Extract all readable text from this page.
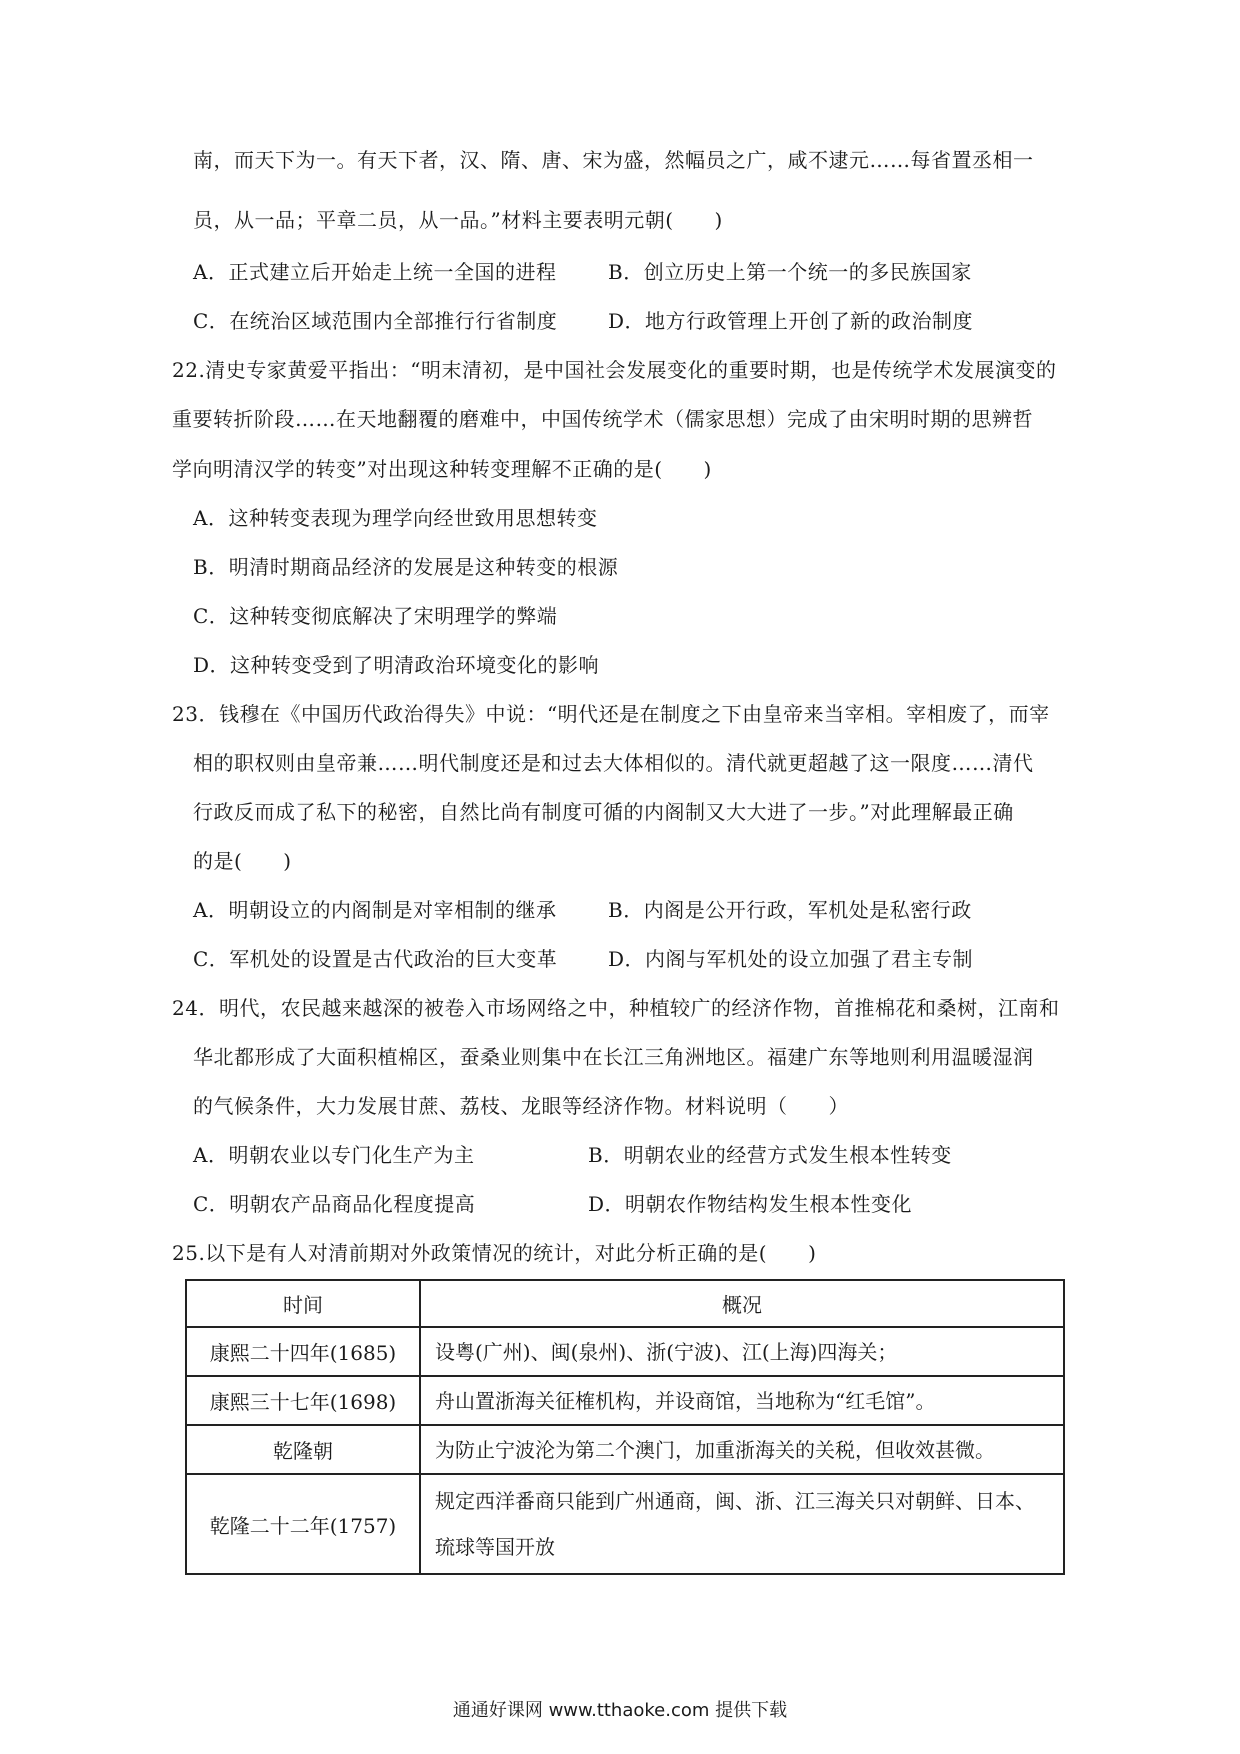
南，而天下为一。有天下者，汉、隋、唐、宋为盛，然幅员之广，咸不逮元……每省置丞相一
员，从一品；平章二员，从一品。”材料主要表明元朝(　　)
A．正式建立后开始走上统一全国的进程	B．创立历史上第一个统一的多民族国家
C．在统治区域范围内全部推行行省制度	D．地方行政管理上开创了新的政治制度
22.清史专家黄爱平指出：“明末清初，是中国社会发展变化的重要时期，也是传统学术发展演变的
重要转折阶段……在天地翻覆的磨难中，中国传统学术（儒家思想）完成了由宋明时期的思辨哲
学向明清汉学的转变”对出现这种转变理解不正确的是(　　)
A．这种转变表现为理学向经世致用思想转变
B．明清时期商品经济的发展是这种转变的根源
C．这种转变彻底解决了宋明理学的弊端
D．这种转变受到了明清政治环境变化的影响
23．钱穆在《中国历代政治得失》中说：“明代还是在制度之下由皇帝来当宰相。宰相废了，而宰
相的职权则由皇帝兼……明代制度还是和过去大体相似的。清代就更超越了这一限度……清代
行政反而成了私下的秘密，自然比尚有制度可循的内阁制又大大进了一步。”对此理解最正确
的是(　　)
A．明朝设立的内阁制是对宰相制的继承	B．内阁是公开行政，军机处是私密行政
C．军机处的设置是古代政治的巨大变革	D．内阁与军机处的设立加强了君主专制
24．明代，农民越来越深的被卷入市场网络之中，种植较广的经济作物，首推棉花和桑树，江南和
华北都形成了大面积植棉区，蚕桑业则集中在长江三角洲地区。福建广东等地则利用温暖湿润
的气候条件，大力发展甘蔗、荔枝、龙眼等经济作物。材料说明（　　）
A．明朝农业以专门化生产为主	B．明朝农业的经营方式发生根本性转变
C．明朝农产品商品化程度提高	D．明朝农作物结构发生根本性变化
25.以下是有人对清前期对外政策情况的统计，对此分析正确的是(　　)
时间	概况
康熙二十四年(1685)	设粤(广州)、闽(泉州)、浙(宁波)、江(上海)四海关；
康熙三十七年(1698)	舟山置浙海关征榷机构，并设商馆，当地称为“红毛馆”。
乾隆朝	为防止宁波沦为第二个澳门，加重浙海关的关税，但收效甚微。
乾隆二十二年(1757)	规定西洋番商只能到广州通商，闽、浙、江三海关只对朝鲜、日本、琉球等国开放
通通好课网 www.tthaoke.com 提供下载
